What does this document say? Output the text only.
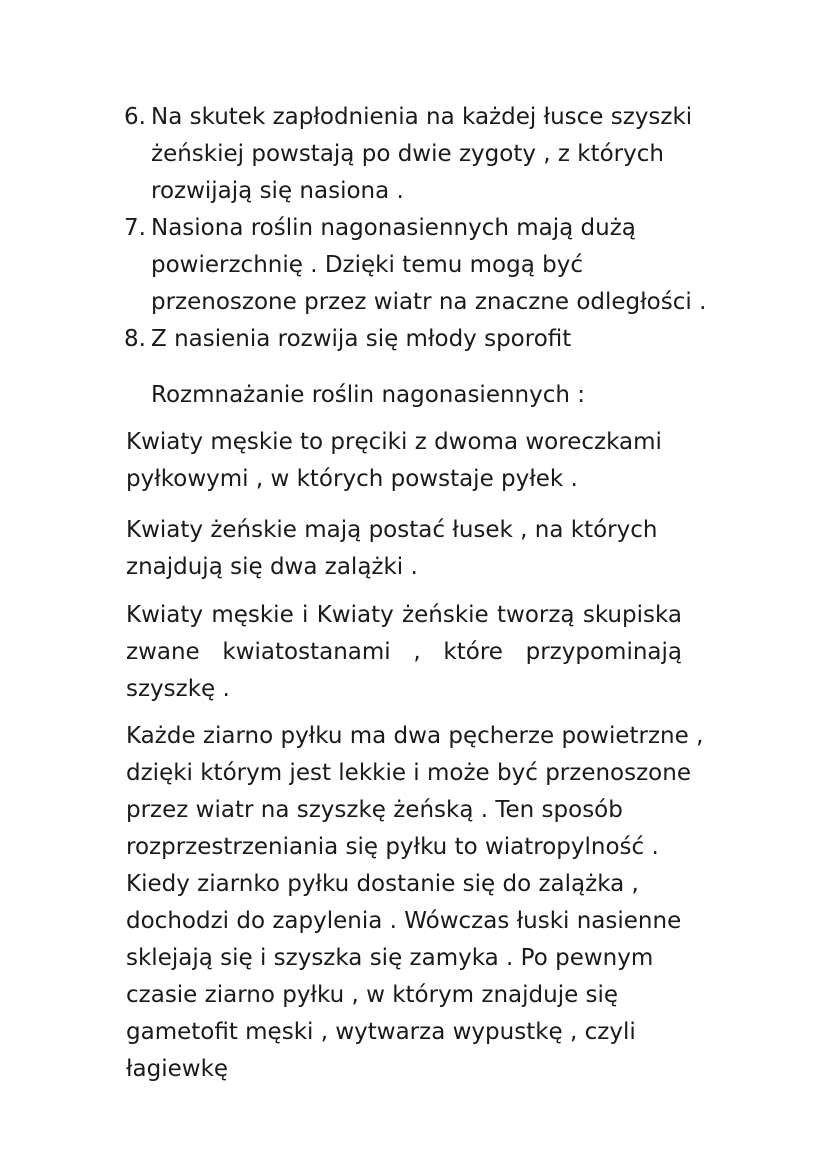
6. Na skutek zapłodnienia na każdej łusce szyszki żeńskiej powstają po dwie zygoty , z których rozwijają się nasiona .
7. Nasiona roślin nagonasiennych mają dużą powierzchnię . Dzięki temu mogą być przenoszone przez wiatr na znaczne odległości .
8. Z nasienia rozwija się młody sporofit

Rozmnażanie roślin nagonasiennych :

Kwiaty męskie to pręciki z dwoma woreczkami pyłkowymi , w których powstaje pyłek .

Kwiaty żeńskie mają postać łusek , na których znajdują się dwa zalążki .

Kwiaty męskie i Kwiaty żeńskie tworzą skupiska zwane kwiatostanami , które przypominają szyszkę .

Każde ziarno pyłku ma dwa pęcherze powietrzne , dzięki którym jest lekkie i może być przenoszone przez wiatr na szyszkę żeńską . Ten sposób rozprzestrzeniania się pyłku to wiatropylność . Kiedy ziarnko pyłku dostanie się do zalążka , dochodzi do zapylenia . Wówczas łuski nasienne sklejają się i szyszka się zamyka . Po pewnym czasie ziarno pyłku , w którym znajduje się gametofit męski , wytwarza wypustkę , czyli łagiewkę
